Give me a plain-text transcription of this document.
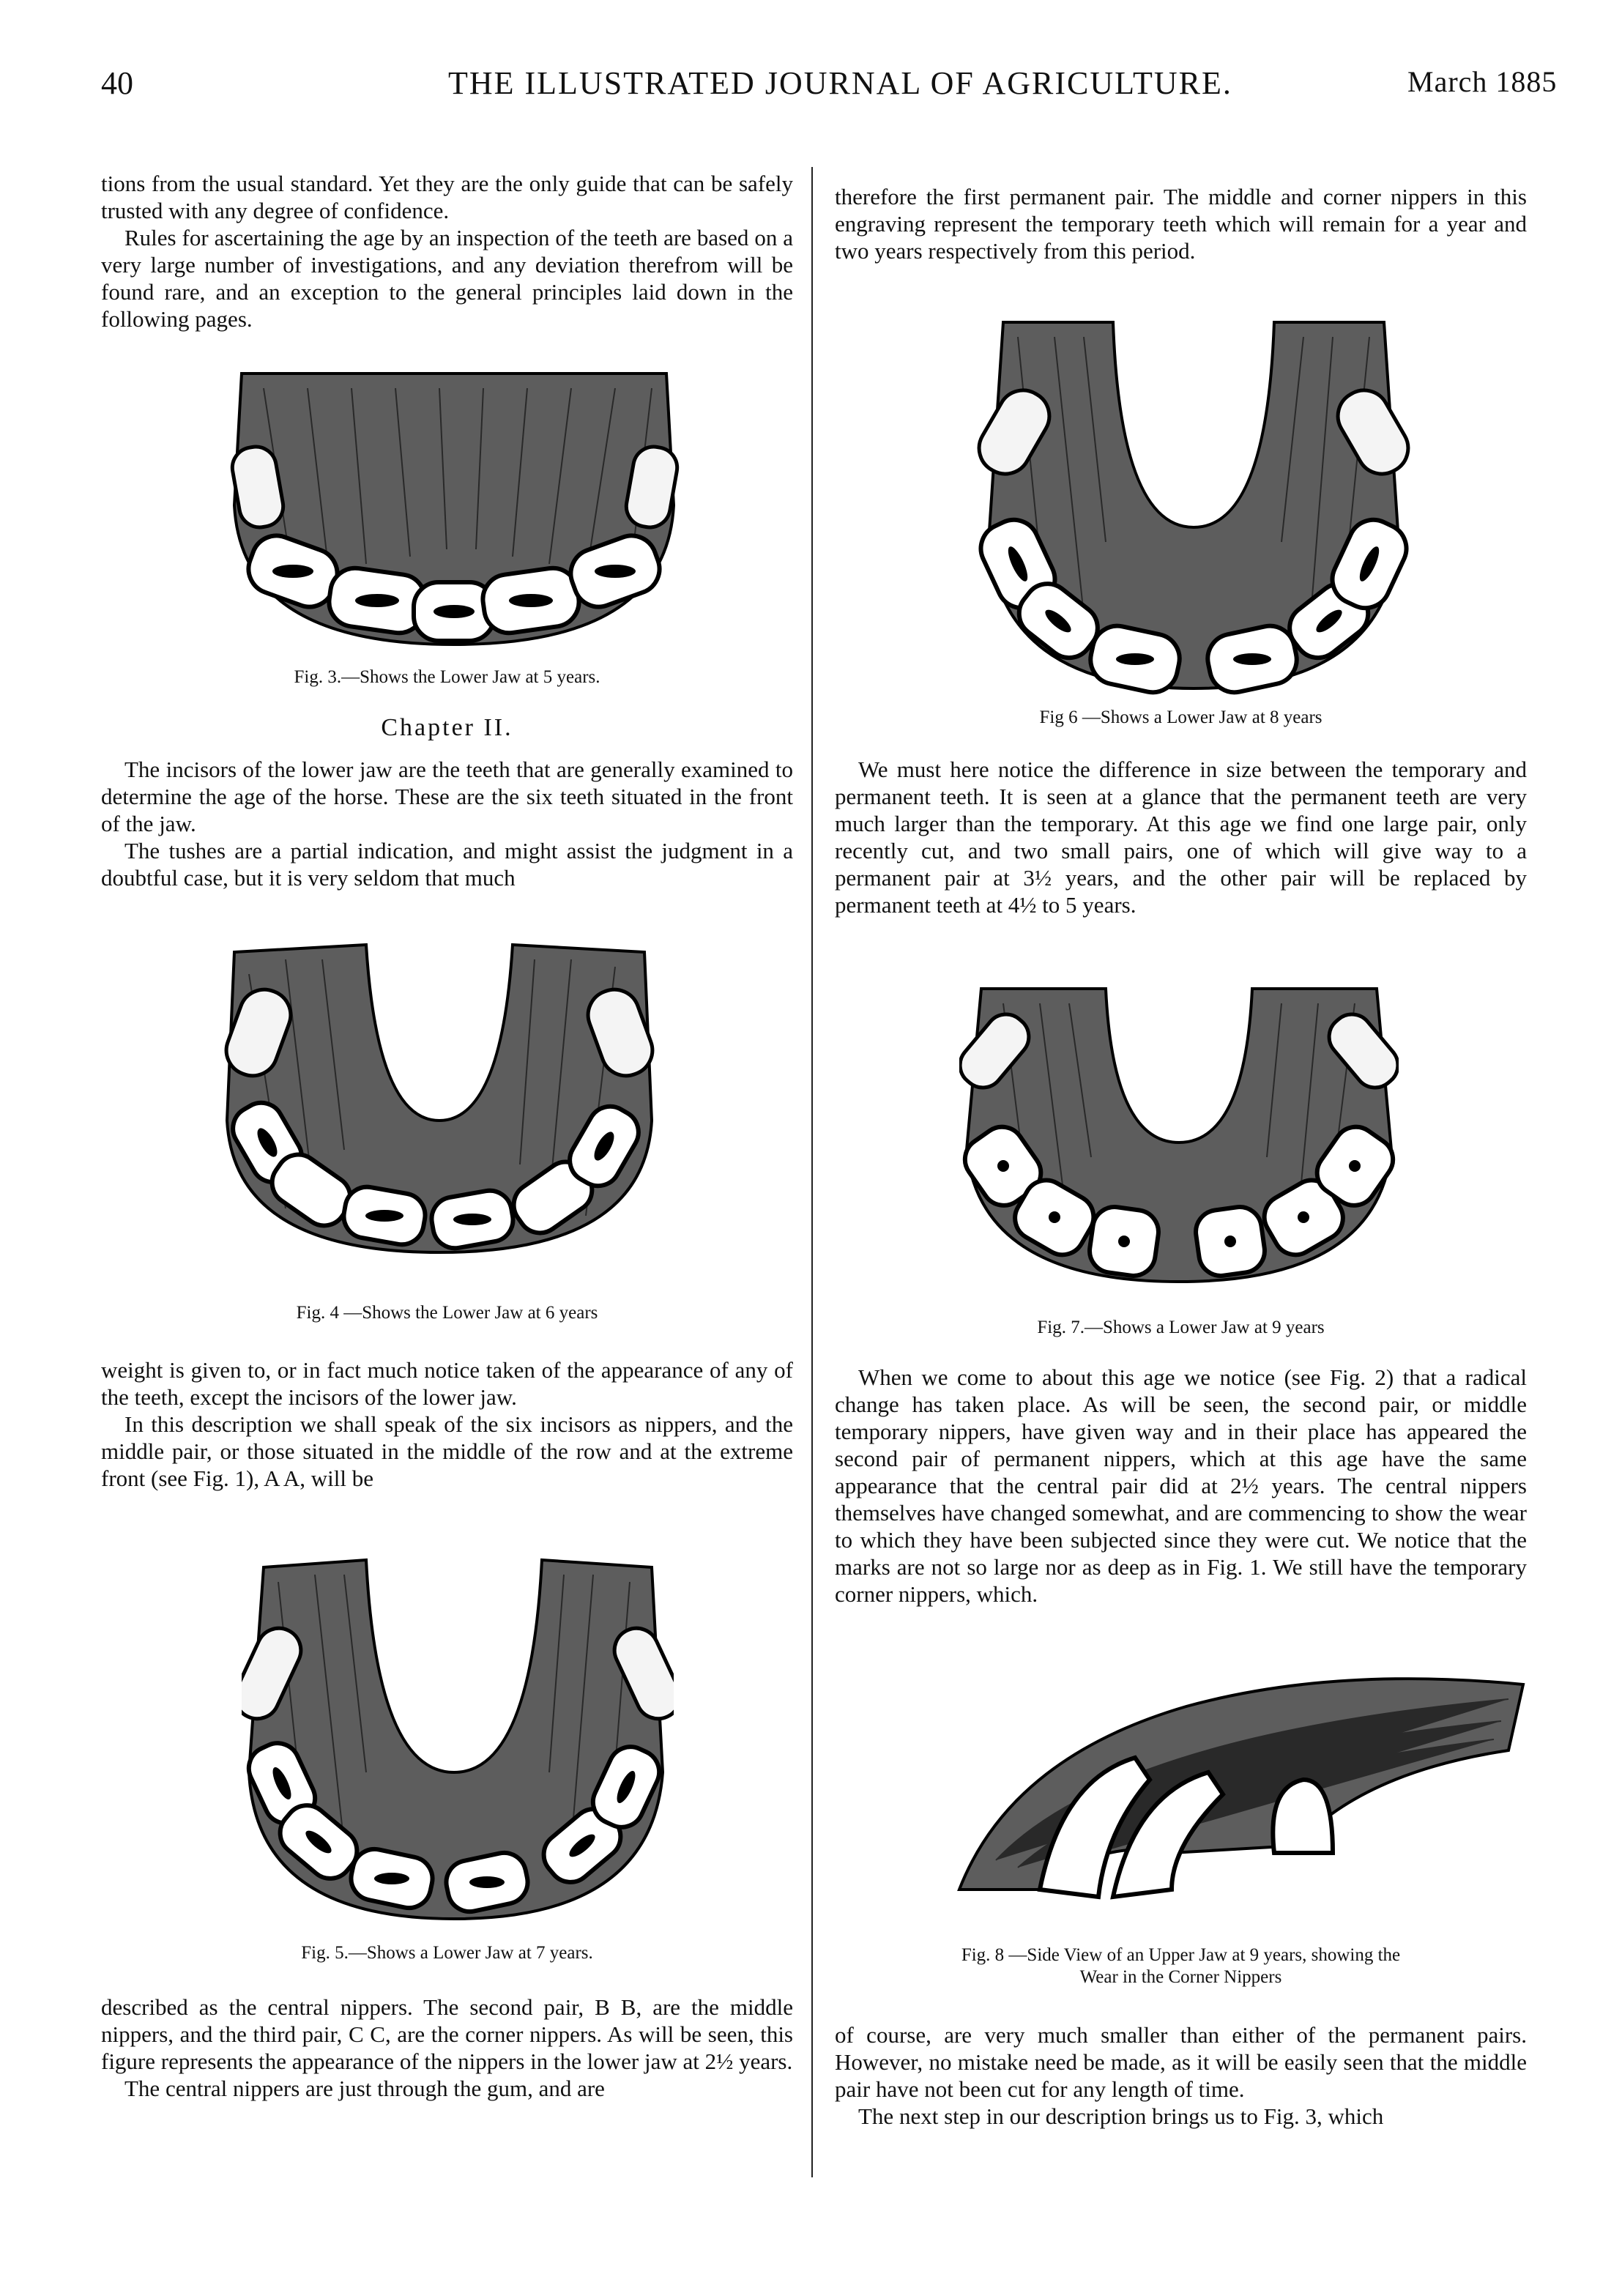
40	THE ILLUSTRATED JOURNAL OF AGRICULTURE.	March 1885

tions from the usual standard. Yet they are the only guide that can be safely trusted with any degree of confidence.

Rules for ascertaining the age by an inspection of the teeth are based on a very large number of investigations, and any deviation therefrom will be found rare, and an exception to the general principles laid down in the following pages.

Fig. 3.—Shows the Lower Jaw at 5 years.
Chapter II.

The incisors of the lower jaw are the teeth that are generally examined to determine the age of the horse. These are the six teeth situated in the front of the jaw.

The tushes are a partial indication, and might assist the judgment in a doubtful case, but it is very seldom that much

Fig. 4 —Shows the Lower Jaw at 6 years

weight is given to, or in fact much notice taken of the appearance of any of the teeth, except the incisors of the lower jaw.

In this description we shall speak of the six incisors as nippers, and the middle pair, or those situated in the middle of the row and at the extreme front (see Fig. 1), A A, will be

Fig. 5.—Shows a Lower Jaw at 7 years.

described as the central nippers. The second pair, B B, are the middle nippers, and the third pair, C C, are the corner nippers. As will be seen, this figure represents the appearance of the nippers in the lower jaw at 2½ years.

The central nippers are just through the gum, and are

therefore the first permanent pair. The middle and corner nippers in this engraving represent the temporary teeth which will remain for a year and two years respectively from this period.

Fig 6 —Shows a Lower Jaw at 8 years

We must here notice the difference in size between the temporary and permanent teeth. It is seen at a glance that the permanent teeth are very much larger than the temporary. At this age we find one large pair, only recently cut, and two small pairs, one of which will give way to a permanent pair at 3½ years, and the other pair will be replaced by permanent teeth at 4½ to 5 years.

Fig. 7.—Shows a Lower Jaw at 9 years

When we come to about this age we notice (see Fig. 2) that a radical change has taken place. As will be seen, the second pair, or middle temporary nippers, have given way and in their place has appeared the second pair of permanent nippers, which at this age have the same appearance that the central pair did at 2½ years. The central nippers themselves have changed somewhat, and are commencing to show the wear to which they have been subjected since they were cut. We notice that the marks are not so large nor as deep as in Fig. 1. We still have the temporary corner nippers, which.

Fig. 8 —Side View of an Upper Jaw at 9 years, showing the
Wear in the Corner Nippers

of course, are very much smaller than either of the permanent pairs. However, no mistake need be made, as it will be easily seen that the middle pair have not been cut for any length of time.

The next step in our description brings us to Fig. 3, which
